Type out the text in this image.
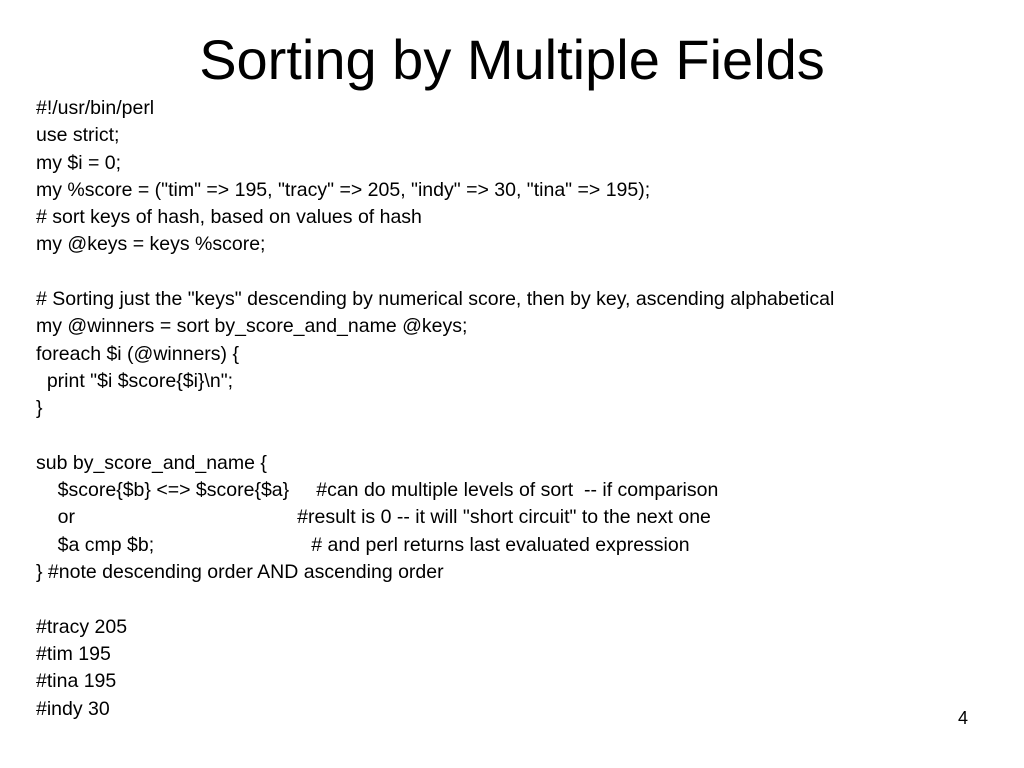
Sorting by Multiple Fields
#!/usr/bin/perl
use strict;
my $i = 0;
my %score = ("tim" => 195, "tracy" => 205, "indy" => 30, "tina" => 195);
# sort keys of hash, based on values of hash
my @keys = keys %score;
# Sorting just the "keys" descending by numerical score, then by key, ascending alphabetical
my @winners = sort by_score_and_name @keys;
foreach $i (@winners) {
print "$i $score{$i}\n";
}
sub by_score_and_name {
$score{$b} <=> $score{$a}     #can do multiple levels of sort  -- if comparison
or                                         #result is 0 -- it will "short circuit" to the next one
$a cmp $b;                             # and perl returns last evaluated expression
} #note descending order AND ascending order
#tracy 205
#tim 195
#tina 195
#indy 30	4
